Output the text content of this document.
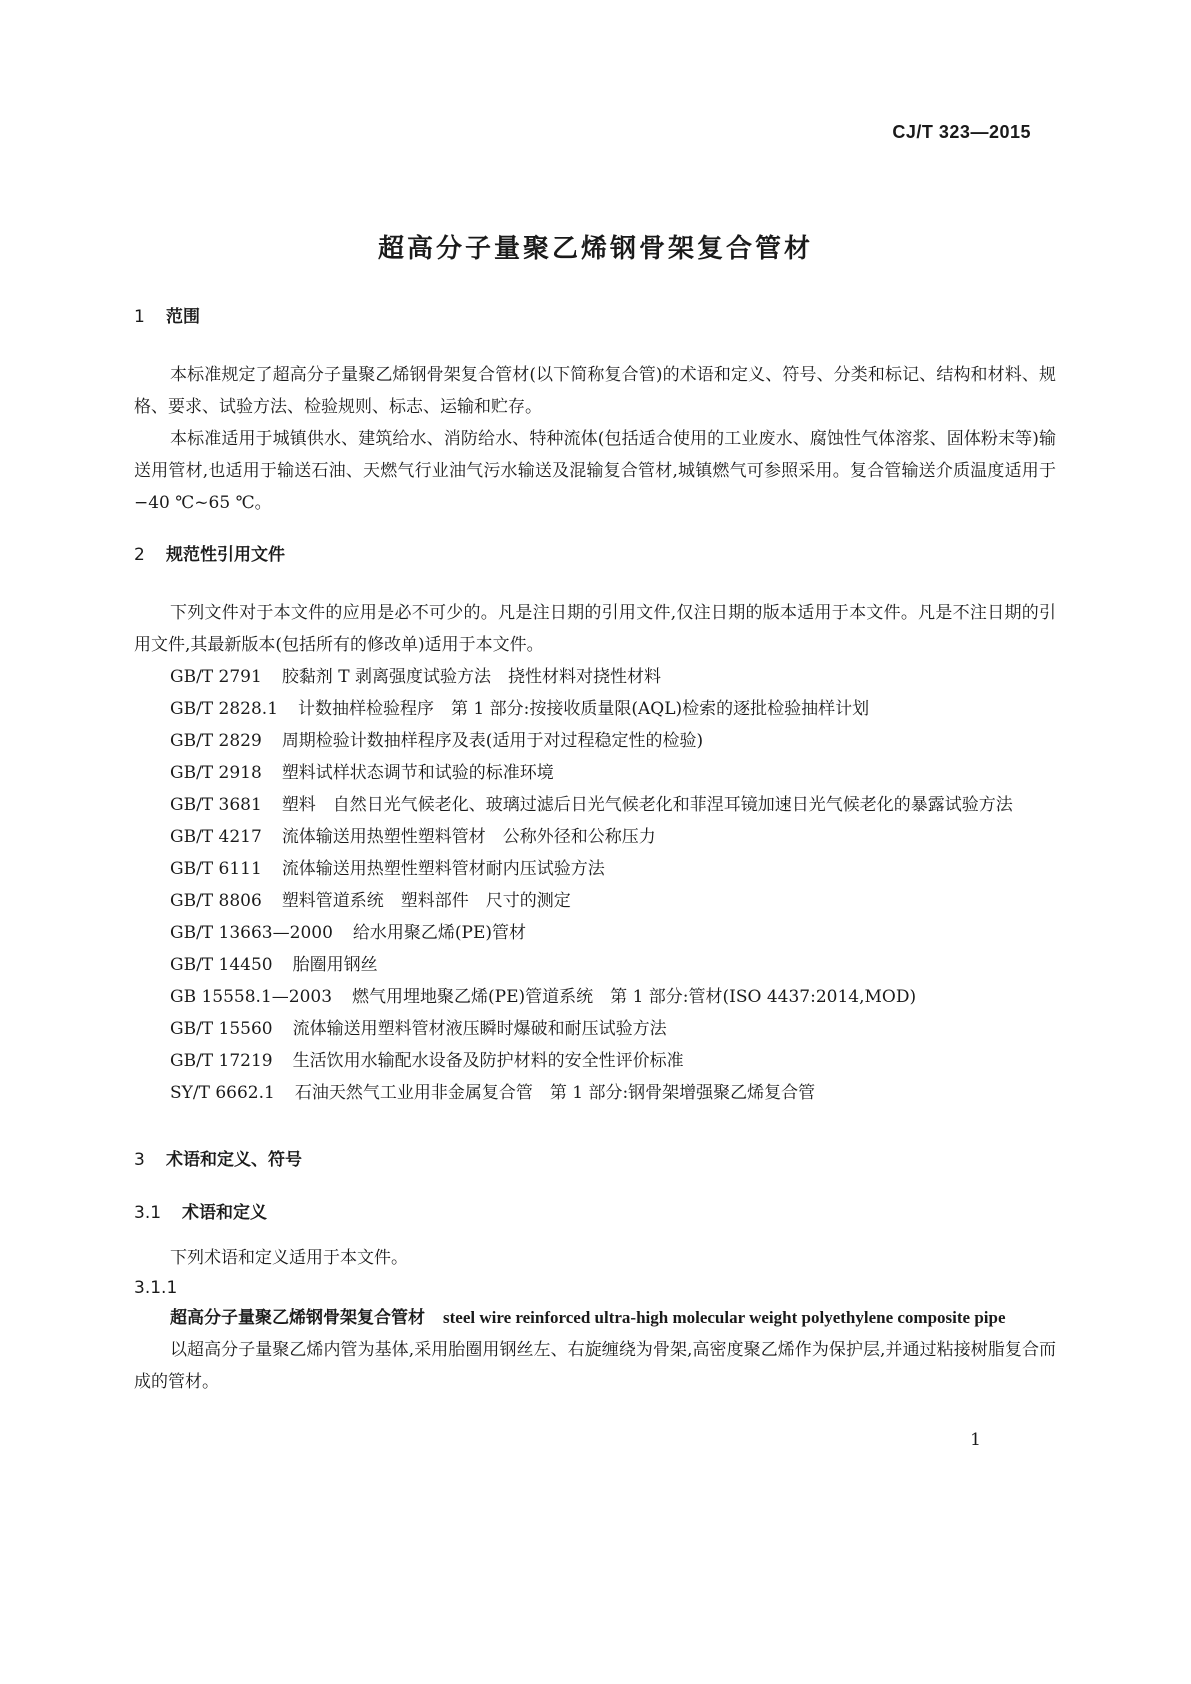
CJ/T 323—2015
超高分子量聚乙烯钢骨架复合管材
1 范围

本标准规定了超高分子量聚乙烯钢骨架复合管材(以下简称复合管)的术语和定义、符号、分类和标记、结构和材料、规格、要求、试验方法、检验规则、标志、运输和贮存。

本标准适用于城镇供水、建筑给水、消防给水、特种流体(包括适合使用的工业废水、腐蚀性气体溶浆、固体粉末等)输送用管材,也适用于输送石油、天燃气行业油气污水输送及混输复合管材,城镇燃气可参照采用。复合管输送介质温度适用于−40 ℃~65 ℃。

2 规范性引用文件

下列文件对于本文件的应用是必不可少的。凡是注日期的引用文件,仅注日期的版本适用于本文件。凡是不注日期的引用文件,其最新版本(包括所有的修改单)适用于本文件。

GB/T 2791 胶黏剂 T 剥离强度试验方法　挠性材料对挠性材料

GB/T 2828.1 计数抽样检验程序　第 1 部分:按接收质量限(AQL)检索的逐批检验抽样计划

GB/T 2829 周期检验计数抽样程序及表(适用于对过程稳定性的检验)

GB/T 2918 塑料试样状态调节和试验的标准环境

GB/T 3681 塑料　自然日光气候老化、玻璃过滤后日光气候老化和菲涅耳镜加速日光气候老化的暴露试验方法

GB/T 4217 流体输送用热塑性塑料管材　公称外径和公称压力

GB/T 6111 流体输送用热塑性塑料管材耐内压试验方法

GB/T 8806 塑料管道系统　塑料部件　尺寸的测定

GB/T 13663—2000 给水用聚乙烯(PE)管材

GB/T 14450 胎圈用钢丝

GB 15558.1—2003 燃气用埋地聚乙烯(PE)管道系统　第 1 部分:管材(ISO 4437:2014,MOD)

GB/T 15560 流体输送用塑料管材液压瞬时爆破和耐压试验方法

GB/T 17219 生活饮用水输配水设备及防护材料的安全性评价标准

SY/T 6662.1 石油天然气工业用非金属复合管　第 1 部分:钢骨架增强聚乙烯复合管

3 术语和定义、符号
3.1 术语和定义

下列术语和定义适用于本文件。

3.1.1

超高分子量聚乙烯钢骨架复合管材 steel wire reinforced ultra-high molecular weight polyethylene composite pipe

以超高分子量聚乙烯内管为基体,采用胎圈用钢丝左、右旋缠绕为骨架,高密度聚乙烯作为保护层,并通过粘接树脂复合而成的管材。

1
